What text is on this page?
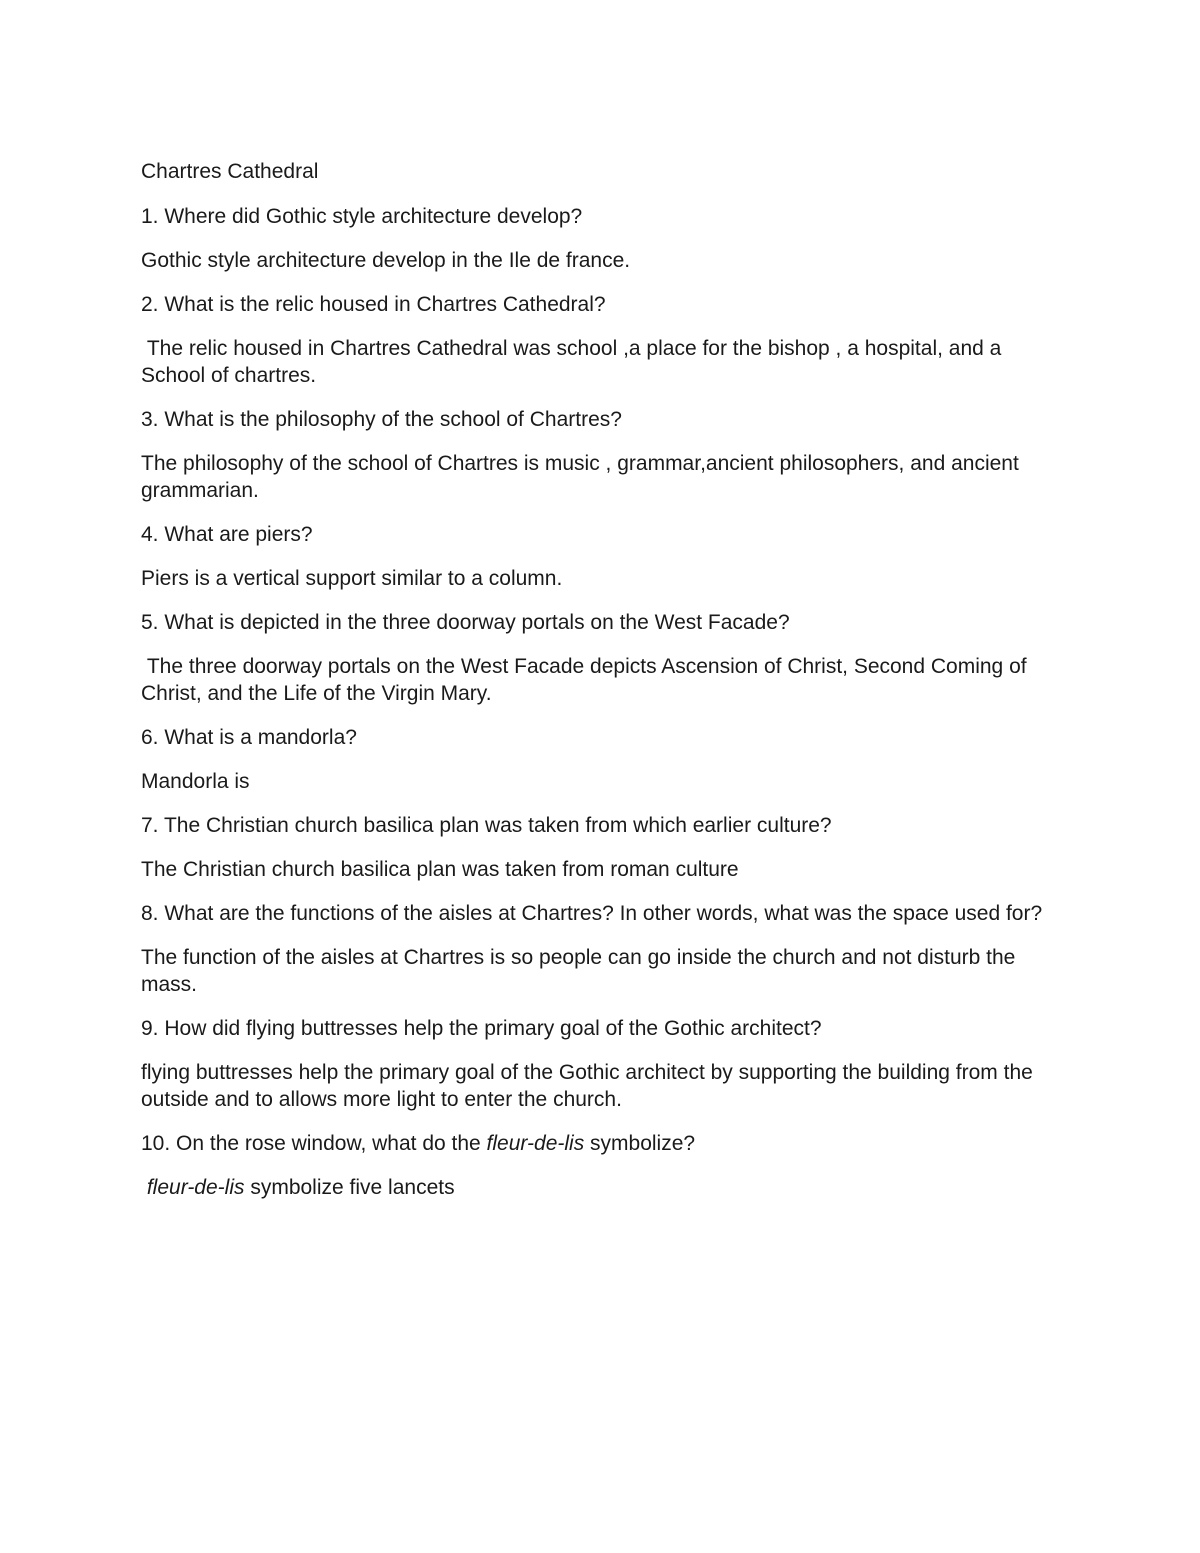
Chartres Cathedral

1. Where did Gothic style architecture develop?

Gothic style architecture develop in the Ile de france.

2. What is the relic housed in Chartres Cathedral?

The relic housed in Chartres Cathedral was school ,a place for the bishop , a hospital, and a School of chartres.

3. What is the philosophy of the school of Chartres?

The philosophy of the school of Chartres is music , grammar,ancient philosophers, and ancient grammarian.

4. What are piers?

Piers is a vertical support similar to a column.

5. What is depicted in the three doorway portals on the West Facade?

The three doorway portals on the West Facade depicts Ascension of Christ, Second Coming of Christ, and the Life of the Virgin Mary.

6. What is a mandorla?

Mandorla is

7. The Christian church basilica plan was taken from which earlier culture?

The Christian church basilica plan was taken from roman culture

8. What are the functions of the aisles at Chartres? In other words, what was the space used for?

The function of the aisles at Chartres is so people can go inside the church and not disturb the mass.

9. How did flying buttresses help the primary goal of the Gothic architect?

flying buttresses help the primary goal of the Gothic architect by supporting the building from the outside and to allows more light to enter the church.

10. On the rose window, what do the fleur-de-lis symbolize?

fleur-de-lis symbolize five lancets
